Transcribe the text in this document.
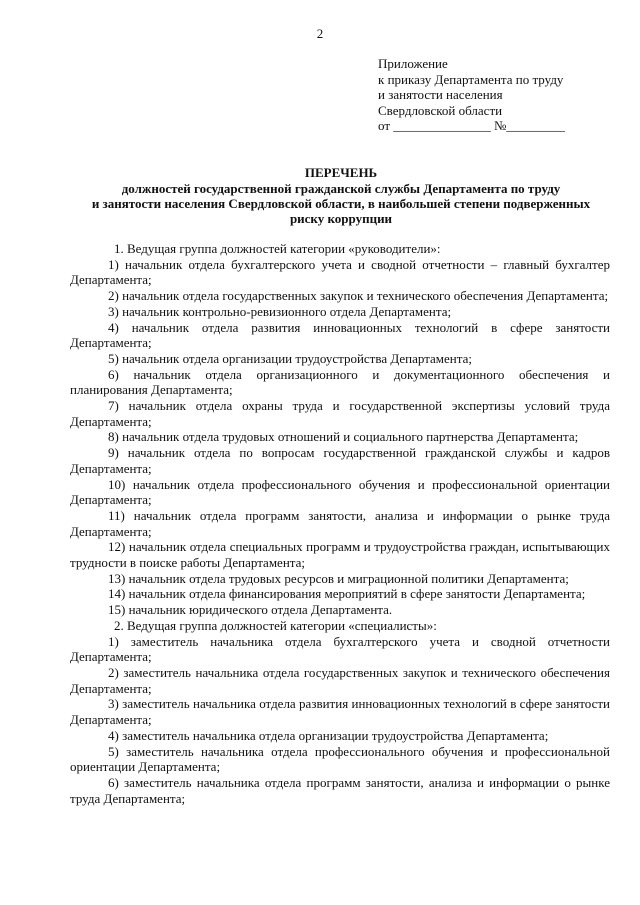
2
Приложение
к приказу Департамента по труду
и занятости населения
Свердловской области
от _______________ №_________
ПЕРЕЧЕНЬ
должностей государственной гражданской службы Департамента по труду
и занятости населения Свердловской области, в наибольшей степени подверженных
риску коррупции

1. Ведущая группа должностей категории «руководители»:

1) начальник отдела бухгалтерского учета и сводной отчетности – главный бухгалтер Департамента;

2) начальник отдела государственных закупок и технического обеспечения Департамента;

3) начальник контрольно-ревизионного отдела Департамента;

4) начальник отдела развития инновационных технологий в сфере занятости Департамента;

5) начальник отдела организации трудоустройства Департамента;

6) начальник отдела организационного и документационного обеспечения и планирования Департамента;

7) начальник отдела охраны труда и государственной экспертизы условий труда Департамента;

8) начальник отдела трудовых отношений и социального партнерства Департамента;

9) начальник отдела по вопросам государственной гражданской службы и кадров Департамента;

10) начальник отдела профессионального обучения и профессиональной ориентации Департамента;

11) начальник отдела программ занятости, анализа и информации о рынке труда Департамента;

12) начальник отдела специальных программ и трудоустройства граждан, испытывающих трудности в поиске работы Департамента;

13) начальник отдела трудовых ресурсов и миграционной политики Департамента;

14) начальник отдела финансирования мероприятий в сфере занятости Департамента;

15) начальник юридического отдела Департамента.

2. Ведущая группа должностей категории «специалисты»:

1) заместитель начальника отдела бухгалтерского учета и сводной отчетности Департамента;

2) заместитель начальника отдела государственных закупок и технического обеспечения Департамента;

3) заместитель начальника отдела развития инновационных технологий в сфере занятости Департамента;

4) заместитель начальника отдела организации трудоустройства Департамента;

5) заместитель начальника отдела профессионального обучения и профессиональной ориентации Департамента;

6) заместитель начальника отдела программ занятости, анализа и информации о рынке труда Департамента;
